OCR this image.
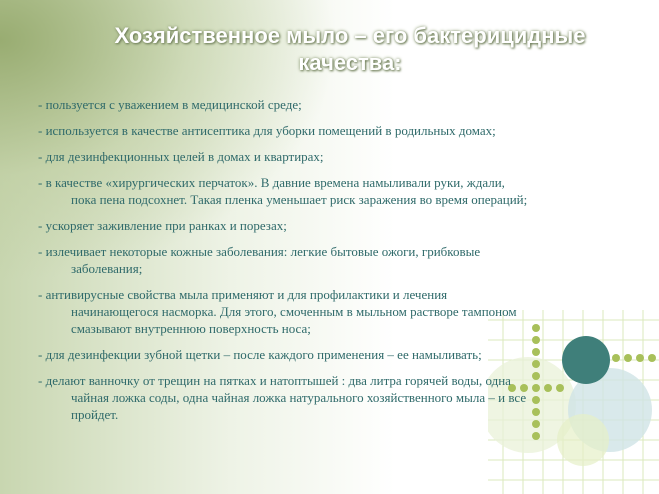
Хозяйственное мыло – его бактерицидные
качества:
- пользуется с уважением в медицинской среде;
- используется в качестве антисептика для уборки помещений в родильных домах;
- для дезинфекционных целей в домах и квартирах;
- в качестве «хирургических перчаток». В давние времена намыливали руки, ждали,
пока пена подсохнет. Такая пленка уменьшает риск заражения во время операций;
- ускоряет заживление при ранках и порезах;
- излечивает некоторые кожные заболевания: легкие бытовые ожоги, грибковые
заболевания;
- антивирусные свойства мыла применяют и для профилактики и лечения
начинающегося насморка. Для этого, смоченным в мыльном растворе тампоном
смазывают внутреннюю поверхность носа;
- для дезинфекции зубной щетки – после каждого применения – ее намыливать;
- делают ванночку от трещин на пятках и натоптышей : два литра горячей воды, одна
чайная ложка соды, одна чайная ложка натурального хозяйственного мыла – и все
пройдет.
